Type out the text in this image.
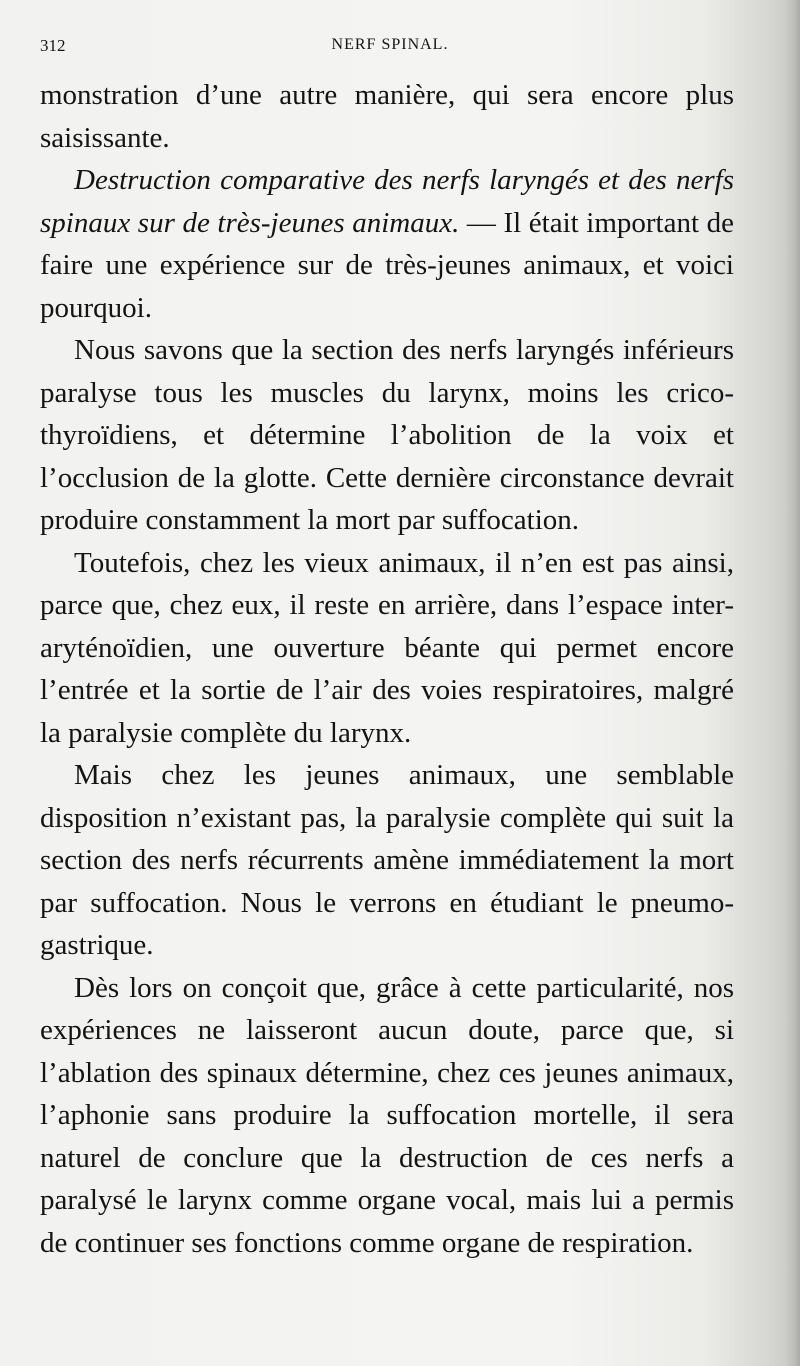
312	NERF SPINAL.

monstration d’une autre manière, qui sera encore plus saisissante.

Destruction comparative des nerfs laryngés et des nerfs spinaux sur de très-jeunes animaux. — Il était important de faire une expérience sur de très-jeunes animaux, et voici pourquoi.

Nous savons que la section des nerfs laryngés inférieurs paralyse tous les muscles du larynx, moins les cricothyroïdiens, et détermine l’abolition de la voix et l’occlusion de la glotte. Cette dernière circonstance devrait produire constamment la mort par suffocation.

Toutefois, chez les vieux animaux, il n’en est pas ainsi, parce que, chez eux, il reste en arrière, dans l’espace inter-aryténoïdien, une ouverture béante qui permet encore l’entrée et la sortie de l’air des voies respiratoires, malgré la paralysie complète du larynx.

Mais chez les jeunes animaux, une semblable disposition n’existant pas, la paralysie complète qui suit la section des nerfs récurrents amène immédiatement la mort par suffocation. Nous le verrons en étudiant le pneumo-gastrique.

Dès lors on conçoit que, grâce à cette particularité, nos expériences ne laisseront aucun doute, parce que, si l’ablation des spinaux détermine, chez ces jeunes animaux, l’aphonie sans produire la suffocation mortelle, il sera naturel de conclure que la destruction de ces nerfs a paralysé le larynx comme organe vocal, mais lui a permis de continuer ses fonctions comme organe de respiration.
